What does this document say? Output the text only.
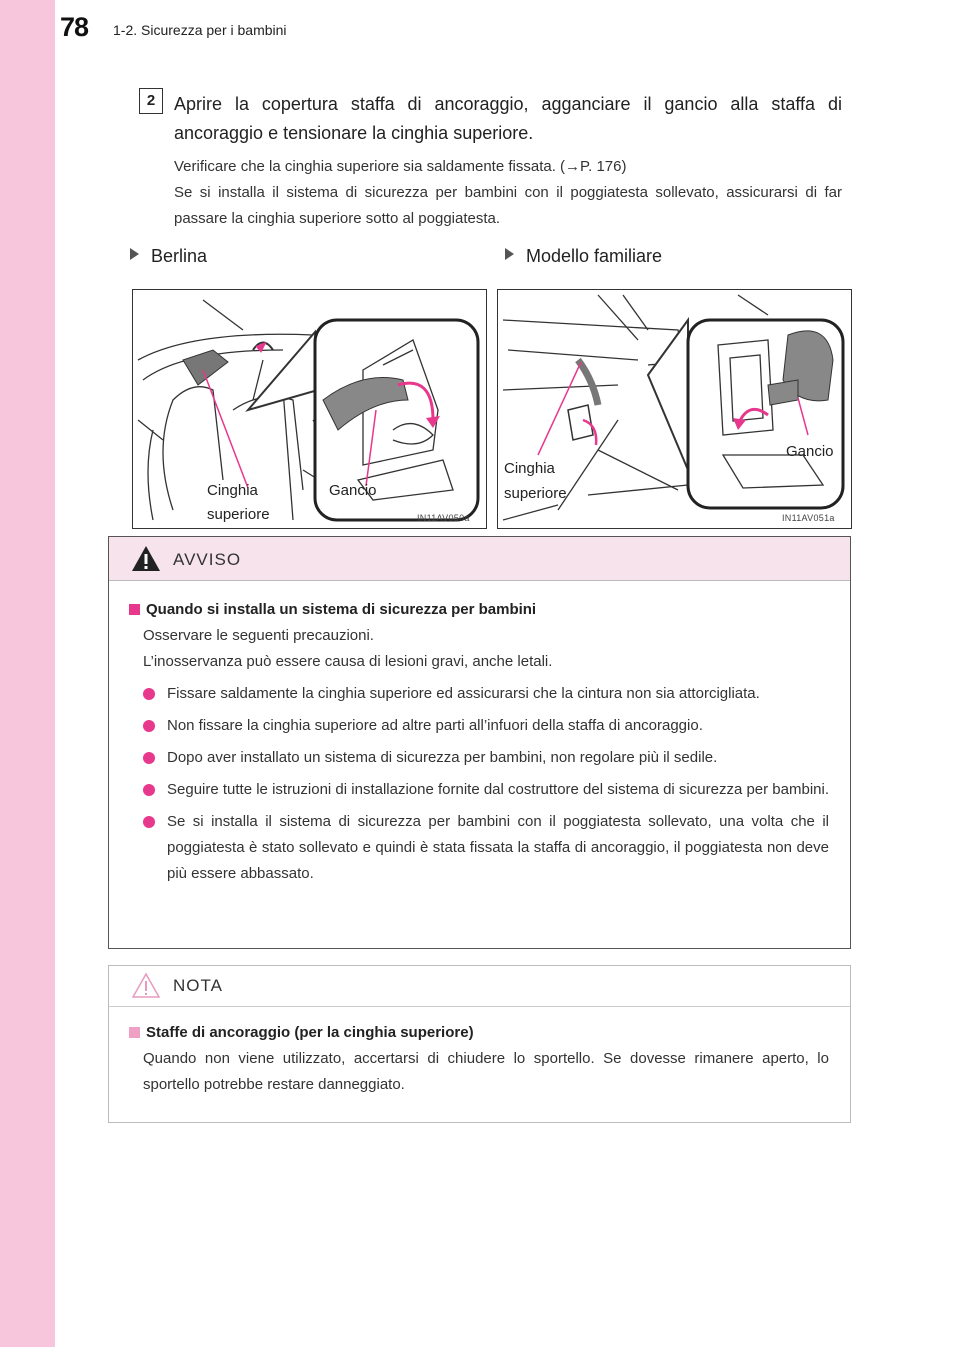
78 1-2. Sicurezza per i bambini
2	Aprire la copertura staffa di ancoraggio, agganciare il gancio alla staffa di ancoraggio e tensionare la cinghia superiore.

Verificare che la cinghia superiore sia saldamente fissata. (→P. 176)

Se si installa il sistema di sicurezza per bambini con il poggiatesta sollevato, assicurarsi di far passare la cinghia superiore sotto al poggiatesta.

Berlina	Modello familiare
Cinghia
superiore
Gancio
IN11AV050a
Cinghia
superiore
Gancio
IN11AV051a
AVVISO
Quando si installa un sistema di sicurezza per bambini
Osservare le seguenti precauzioni.
L’inosservanza può essere causa di lesioni gravi, anche letali.
Fissare saldamente la cinghia superiore ed assicurarsi che la cintura non sia attorcigliata.
Non fissare la cinghia superiore ad altre parti all’infuori della staffa di ancoraggio.
Dopo aver installato un sistema di sicurezza per bambini, non regolare più il sedile.
Seguire tutte le istruzioni di installazione fornite dal costruttore del sistema di sicurezza per bambini.
Se si installa il sistema di sicurezza per bambini con il poggiatesta sollevato, una volta che il poggiatesta è stato sollevato e quindi è stata fissata la staffa di ancoraggio, il poggiatesta non deve più essere abbassato.
NOTA
Staffe di ancoraggio (per la cinghia superiore)
Quando non viene utilizzato, accertarsi di chiudere lo sportello. Se dovesse rimanere aperto, lo sportello potrebbe restare danneggiato.
